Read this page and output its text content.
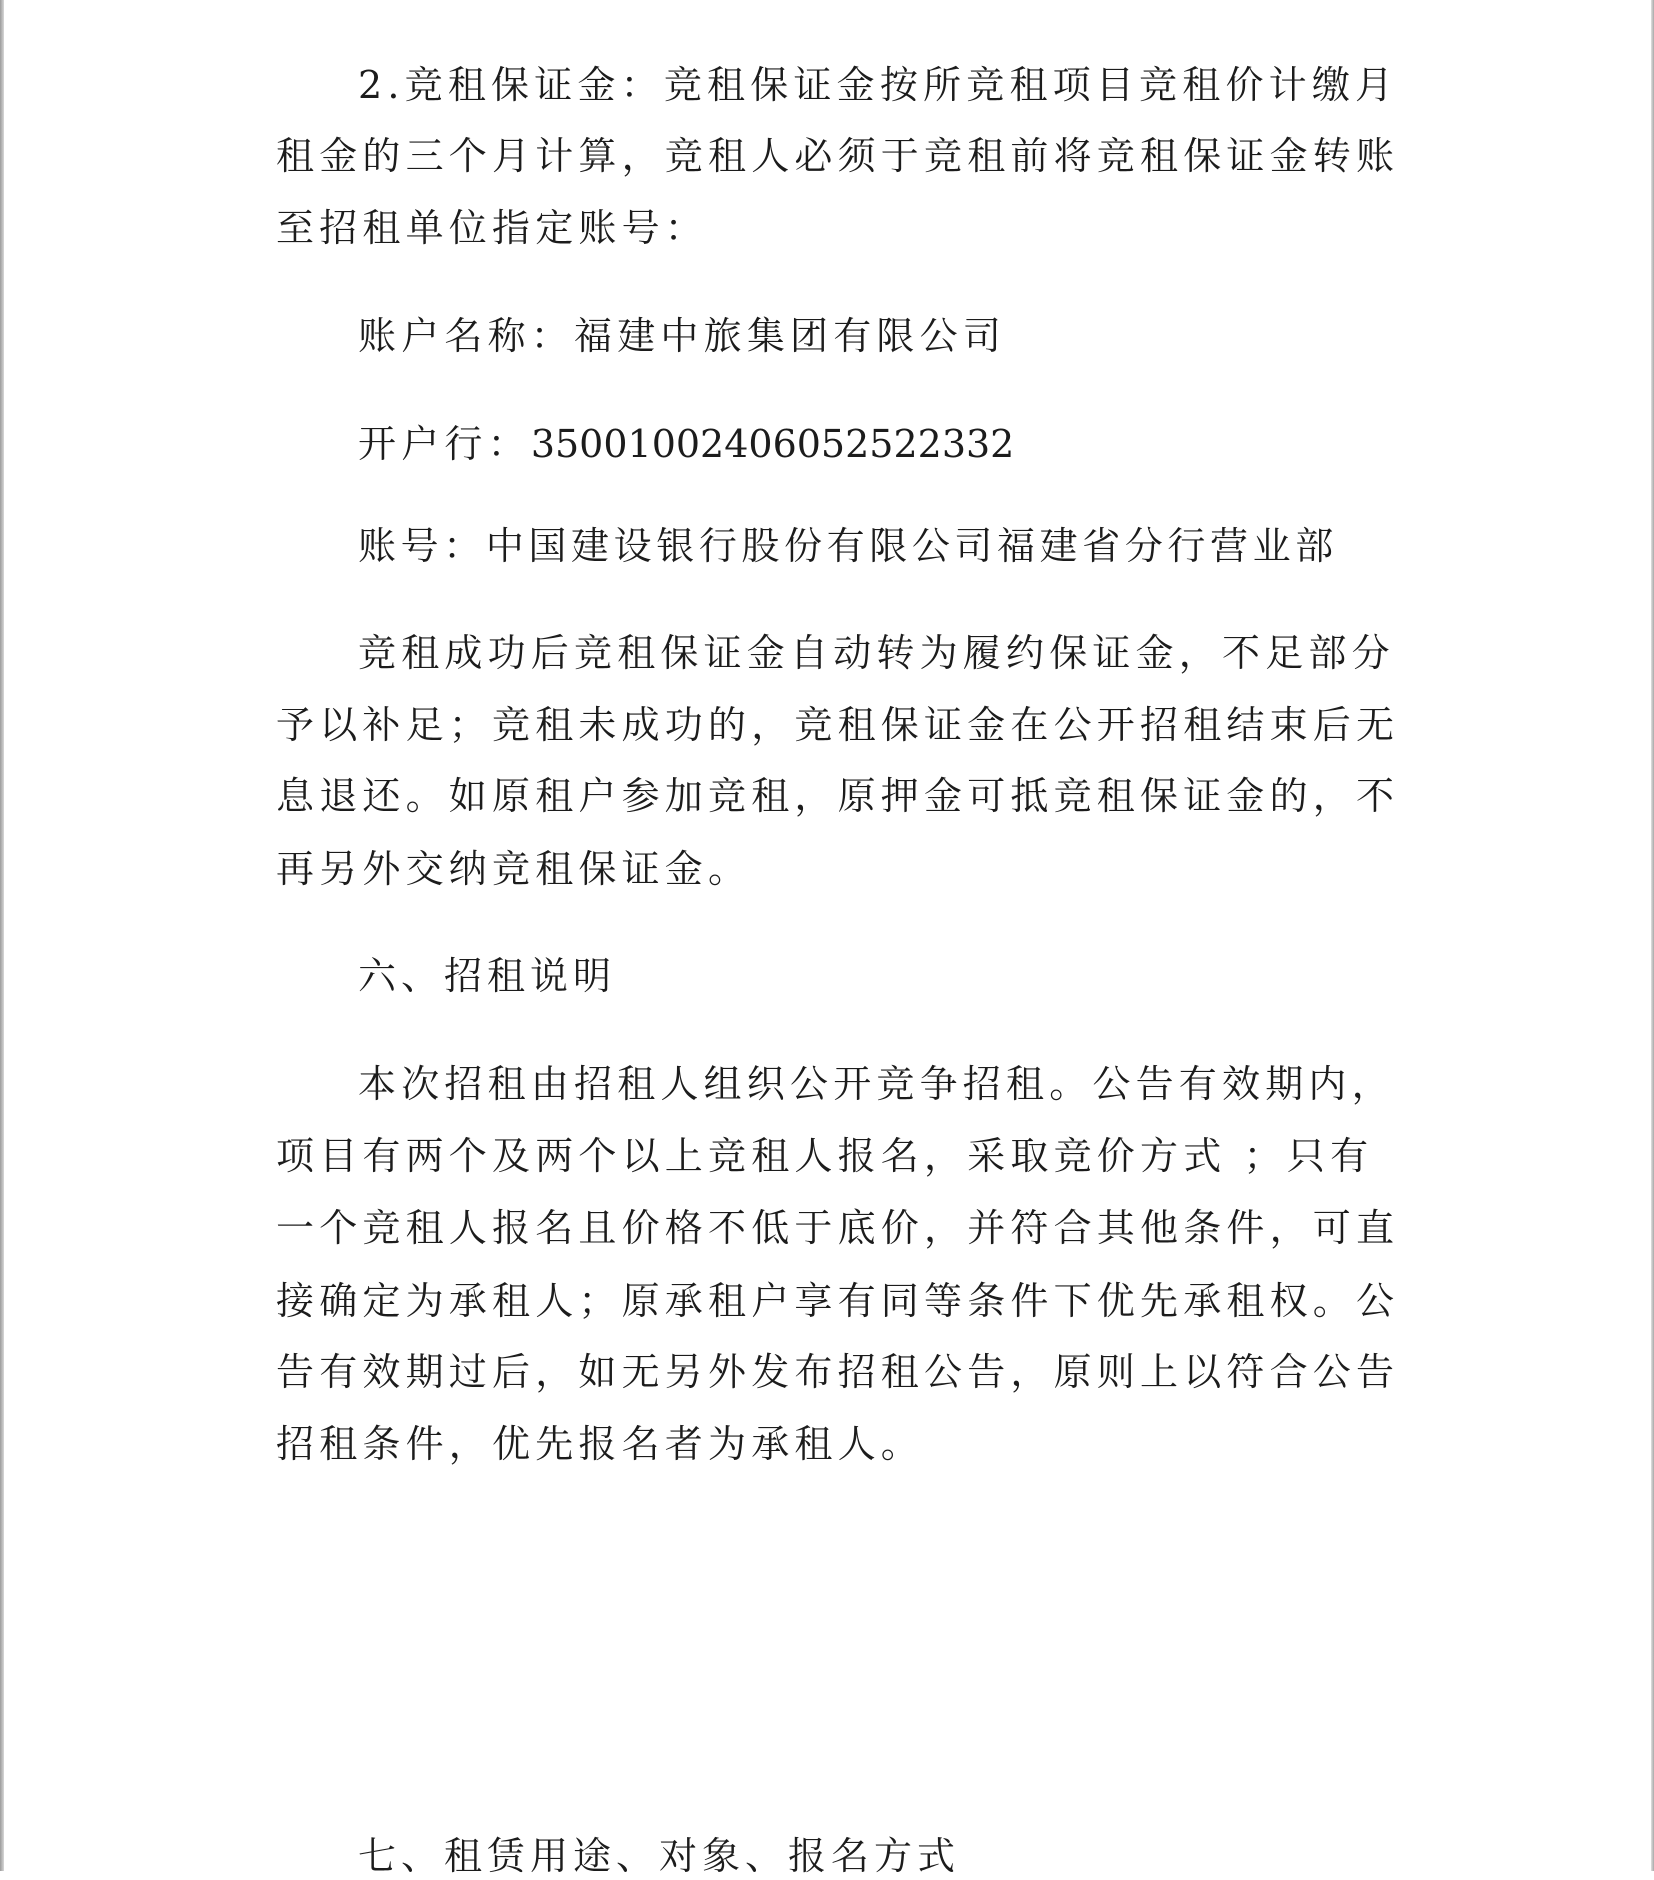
2.竞租保证金：竞租保证金按所竞租项目竞租价计缴月
租金的三个月计算，竞租人必须于竞租前将竞租保证金转账
至招租单位指定账号：
账户名称：福建中旅集团有限公司
开户行：35001002406052522332
账号：中国建设银行股份有限公司福建省分行营业部
竞租成功后竞租保证金自动转为履约保证金，不足部分
予以补足；竞租未成功的，竞租保证金在公开招租结束后无
息退还。如原租户参加竞租，原押金可抵竞租保证金的，不
再另外交纳竞租保证金。
六、招租说明
本次招租由招租人组织公开竞争招租。公告有效期内，
项目有两个及两个以上竞租人报名，采取竞价方式 ；只有
一个竞租人报名且价格不低于底价，并符合其他条件，可直
接确定为承租人；原承租户享有同等条件下优先承租权。公
告有效期过后，如无另外发布招租公告，原则上以符合公告
招租条件，优先报名者为承租人。
七、租赁用途、对象、报名方式
